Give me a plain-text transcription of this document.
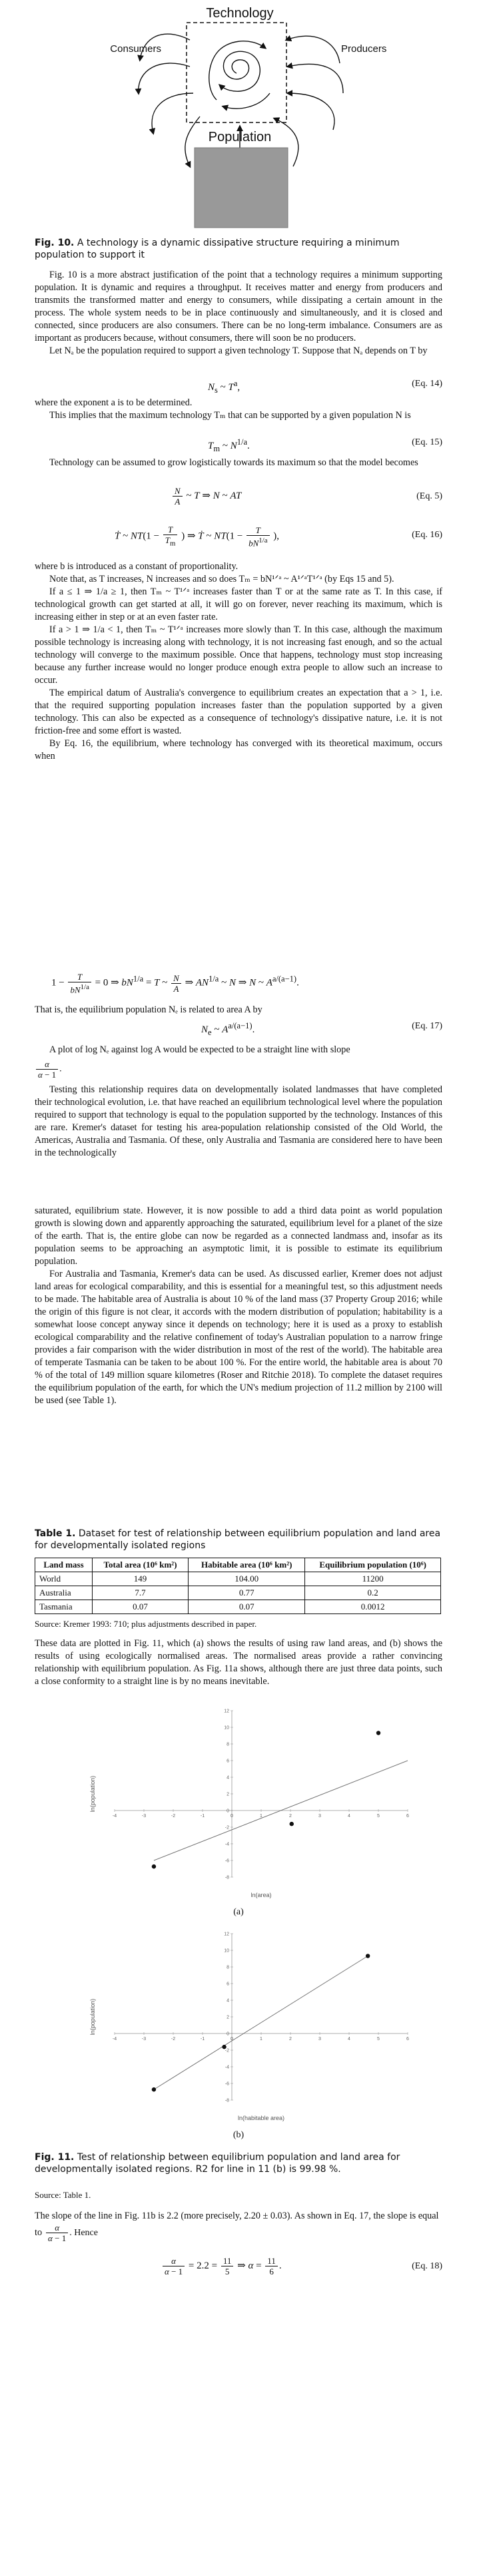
Technology
Consumers	Producers
Population
Fig. 10. A technology is a dynamic dissipative structure requiring a minimum population to support it

Fig. 10 is a more abstract justification of the point that a technology requires a minimum supporting population. It is dynamic and requires a throughput. It receives matter and energy from producers and transmits the transformed matter and energy to consumers, while dissipating a certain amount in the process. The whole system needs to be in place continuously and simultaneously, and it is closed and connected, since producers are also consumers. There can be no long-term imbalance. Consumers are as important as producers because, without consumers, there will soon be no producers.

Let Nₐ be the population required to support a given technology T. Suppose that Nₐ depends on T by

$N_s$ ~ $T^a$,	(Eq. 14)

where the exponent a is to be determined.

This implies that the maximum technology Tₘ that can be supported by a given population N is

$T_m$ ~ $N^{1/a}$.	(Eq. 15)

Technology can be assumed to grow logistically towards its maximum so that the model becomes

$\frac{N}{A}$ ~ T ⇒ N ~ AT	(Eq. 5)
Ṫ ~ $NT(1 - \frac{T}{T_m}$ ) ⇒ Ṫ ~ $NT(1 - \frac{T}{bN^{1/a}}$ ),	(Eq. 16)

where b is introduced as a constant of proportionality.

Note that, as T increases, N increases and so does Tₘ = bN¹ᐟᵃ ~ A¹ᐟᵃT¹ᐟᵃ (by Eqs 15 and 5).

If a ≤ 1 ⇒ 1/a ≥ 1, then Tₘ ~ T¹ᐟᵃ increases faster than T or at the same rate as T. In this case, if technological growth can get started at all, it will go on forever, never reaching its maximum, which is increasing either in step or at an even faster rate.

If a > 1 ⇒ 1/a < 1, then Tₘ ~ T¹ᐟᵃ increases more slowly than T. In this case, although the maximum possible technology is increasing along with technology, it is not increasing fast enough, and so the actual technology will converge to the maximum possible. Once that happens, technology must stop increasing because any further increase would no longer produce enough extra people to allow such an increase to occur.

The empirical datum of Australia's convergence to equilibrium creates an expectation that a > 1, i.e. that the required supporting population increases faster than the population supported by a given technology. This can also be expected as a consequence of technology's dissipative nature, i.e. it is not friction-free and some effort is wasted.

By Eq. 16, the equilibrium, where technology has converged with its theoretical maximum, occurs when

$1 - \frac{T}{bN^{1/a}} = 0$ ⇒ $bN^{1/a} = T$ ~ $\frac{N}{A}$ ⇒ $AN^{1/a}$ ~ N ⇒ N ~ $A^{a/(a-1)}$.

That is, the equilibrium population Nₑ is related to area A by

$N_e$ ~ $A^{a/(a-1)}$.	(Eq. 17)

A plot of log Nₑ against log A would be expected to be a straight line with slope

$\frac{\alpha}{\alpha - 1}$ .

Testing this relationship requires data on developmentally isolated landmasses that have completed their technological evolution, i.e. that have reached an equilibrium technological level where the population required to support that technology is equal to the population supported by the technology. Instances of this are rare. Kremer's dataset for testing his area-population relationship consisted of the Old World, the Americas, Australia and Tasmania. Of these, only Australia and Tasmania are considered here to have been in the technologically

saturated, equilibrium state. However, it is now possible to add a third data point as world population growth is slowing down and apparently approaching the saturated, equilibrium level for a planet of the size of the earth. That is, the entire globe can now be regarded as a connected landmass and, insofar as its population seems to be approaching an asymptotic limit, it is possible to estimate its equilibrium population.

For Australia and Tasmania, Kremer's data can be used. As discussed earlier, Kremer does not adjust land areas for ecological comparability, and this is essential for a meaningful test, so this adjustment needs to be made. The habitable area of Australia is about 10 % of the land mass (37 Property Group 2016; while the origin of this figure is not clear, it accords with the modern distribution of population; habitability is a somewhat loose concept anyway since it depends on technology; here it is used as a proxy to establish ecological comparability and the relative confinement of today's Australian population to a narrow fringe provides a fair comparison with the wider distribution in most of the rest of the world). The habitable area of temperate Tasmania can be taken to be about 100 %. For the entire world, the habitable area is about 70 % of the total of 149 million square kilometres (Roser and Ritchie 2018). To complete the dataset requires the equilibrium population of the earth, for which the UN's medium projection of 11.2 million by 2100 will be used (see Table 1).

Table 1. Dataset for test of relationship between equilibrium population and land area for developmentally isolated regions
Land mass	Total area (10⁶ km²)	Habitable area (10⁶ km²)	Equilibrium population (10⁶)
World	149	104.00	11200
Australia	7.7	0.77	0.2
Tasmania	0.07	0.07	0.0012
Source: Kremer 1993: 710; plus adjustments described in paper.

These data are plotted in Fig. 11, which (a) shows the results of using raw land areas, and (b) shows the results of using ecologically normalised areas. The normalised areas provide a rather convincing relationship with equilibrium population. As Fig. 11a shows, although there are just three data points, such a close conformity to a straight line is by no means inevitable.

-4	-3	-2	-1	0	1	2	3	4	5	6
-8
-6
-4
-2
0
2
4
6
8
10
12
ln(area)
ln(population)
(a)
-4	-3	-2	-1	0	1	2	3	4	5	6
-8
-6
-4
-2
0
2
4
6
8
10
12
ln(habitable area)
ln(population)
(b)
Fig. 11. Test of relationship between equilibrium population and land area for developmentally isolated regions. R2 for line in 11 (b) is 99.98 %.
Source: Table 1.

The slope of the line in Fig. 11b is 2.2 (more precisely, 2.20 ± 0.03). As shown in Eq. 17, the slope is equal to

$\frac{\alpha}{\alpha - 1}$ . Hence
$\frac{\alpha}{\alpha - 1} = 2.2 = \frac{11}{5}$ ⇒ $\alpha = \frac{11}{6}$ .	(Eq. 18)
